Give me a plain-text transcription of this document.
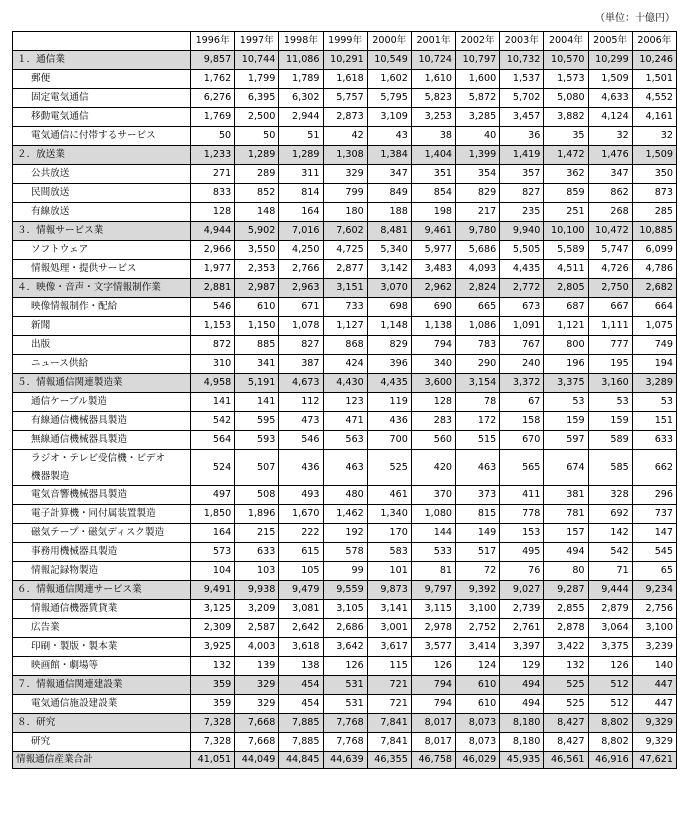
（単位：十億円）
	1996年	1997年	1998年	1999年	2000年	2001年	2002年	2003年	2004年	2005年	2006年
１．通信業	9,857	10,744	11,086	10,291	10,549	10,724	10,797	10,732	10,570	10,299	10,246
郵便	1,762	1,799	1,789	1,618	1,602	1,610	1,600	1,537	1,573	1,509	1,501
固定電気通信	6,276	6,395	6,302	5,757	5,795	5,823	5,872	5,702	5,080	4,633	4,552
移動電気通信	1,769	2,500	2,944	2,873	3,109	3,253	3,285	3,457	3,882	4,124	4,161
電気通信に付帯するサービス	50	50	51	42	43	38	40	36	35	32	32
２．放送業	1,233	1,289	1,289	1,308	1,384	1,404	1,399	1,419	1,472	1,476	1,509
公共放送	271	289	311	329	347	351	354	357	362	347	350
民間放送	833	852	814	799	849	854	829	827	859	862	873
有線放送	128	148	164	180	188	198	217	235	251	268	285
３．情報サービス業	4,944	5,902	7,016	7,602	8,481	9,461	9,780	9,940	10,100	10,472	10,885
ソフトウェア	2,966	3,550	4,250	4,725	5,340	5,977	5,686	5,505	5,589	5,747	6,099
情報処理・提供サービス	1,977	2,353	2,766	2,877	3,142	3,483	4,093	4,435	4,511	4,726	4,786
４．映像・音声・文字情報制作業	2,881	2,987	2,963	3,151	3,070	2,962	2,824	2,772	2,805	2,750	2,682
映像情報制作・配給	546	610	671	733	698	690	665	673	687	667	664
新聞	1,153	1,150	1,078	1,127	1,148	1,138	1,086	1,091	1,121	1,111	1,075
出版	872	885	827	868	829	794	783	767	800	777	749
ニュース供給	310	341	387	424	396	340	290	240	196	195	194
５．情報通信関連製造業	4,958	5,191	4,673	4,430	4,435	3,600	3,154	3,372	3,375	3,160	3,289
通信ケーブル製造	141	141	112	123	119	128	78	67	53	53	53
有線通信機械器具製造	542	595	473	471	436	283	172	158	159	159	151
無線通信機械器具製造	564	593	546	563	700	560	515	670	597	589	633

ラジオ・テレビ受信機・ビデオ
機器製造	524	507	436	463	525	420	463	565	674	585	662
電気音響機械器具製造	497	508	493	480	461	370	373	411	381	328	296
電子計算機・同付属装置製造	1,850	1,896	1,670	1,462	1,340	1,080	815	778	781	692	737
磁気テープ・磁気ディスク製造	164	215	222	192	170	144	149	153	157	142	147
事務用機械器具製造	573	633	615	578	583	533	517	495	494	542	545
情報記録物製造	104	103	105	99	101	81	72	76	80	71	65
６．情報通信関連サービス業	9,491	9,938	9,479	9,559	9,873	9,797	9,392	9,027	9,287	9,444	9,234
情報通信機器賃貸業	3,125	3,209	3,081	3,105	3,141	3,115	3,100	2,739	2,855	2,879	2,756
広告業	2,309	2,587	2,642	2,686	3,001	2,978	2,752	2,761	2,878	3,064	3,100
印刷・製版・製本業	3,925	4,003	3,618	3,642	3,617	3,577	3,414	3,397	3,422	3,375	3,239
映画館・劇場等	132	139	138	126	115	126	124	129	132	126	140
７．情報通信関連建設業	359	329	454	531	721	794	610	494	525	512	447
電気通信施設建設業	359	329	454	531	721	794	610	494	525	512	447
８．研究	7,328	7,668	7,885	7,768	7,841	8,017	8,073	8,180	8,427	8,802	9,329
研究	7,328	7,668	7,885	7,768	7,841	8,017	8,073	8,180	8,427	8,802	9,329
情報通信産業合計	41,051	44,049	44,845	44,639	46,355	46,758	46,029	45,935	46,561	46,916	47,621
